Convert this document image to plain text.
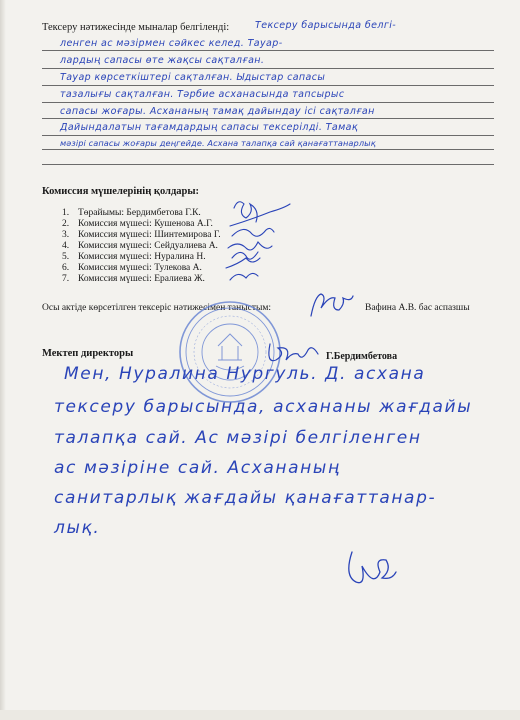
Тексеру нәтижесінде мыналар белгіленді:	Тексеру барысында белгі-
ленген ас мәзірмен сәйкес келед. Тауар-
лардың сапасы өте жақсы сақталған.
Тауар көрсеткіштері сақталған. Ыдыстар сапасы
тазалығы сақталған. Тәрбие асханасында тапсырыс
сапасы жоғары. Асхананың тамақ дайындау ісі сақталған
Дайындалатын тағамдардың сапасы тексерілді. Тамақ
мәзірі сапасы жоғары деңгейде. Асхана талапқа сай қанағаттанарлық
Комиссия мүшелерінің қолдары:
1. Төрайымы: Бердимбетова Г.К.
2. Комиссия мүшесі: Кушенова А.Г.
3. Комиссия мүшесі: Шинтемирова Г.
4. Комиссия мүшесі: Сейдуалиева А.
5. Комиссия мүшесі: Нуралина Н.
6. Комиссия мүшесі: Тулекова А.
7. Комиссия мүшесі: Ералиева Ж.
Осы актіде көрсетілген тексеріс нәтижесімен таныстым:	Вафина А.В. бас аспазшы
Мектеп директоры	Г.Бердимбетова
Мен, Нуралина Нургуль. Д. асхана
тексеру барысында, асхананы жағдайы
талапқа сай. Ас мәзірі белгіленген
ас мәзіріне сай. Асхананың
санитарлық жағдайы қанағаттанар-
лық.
